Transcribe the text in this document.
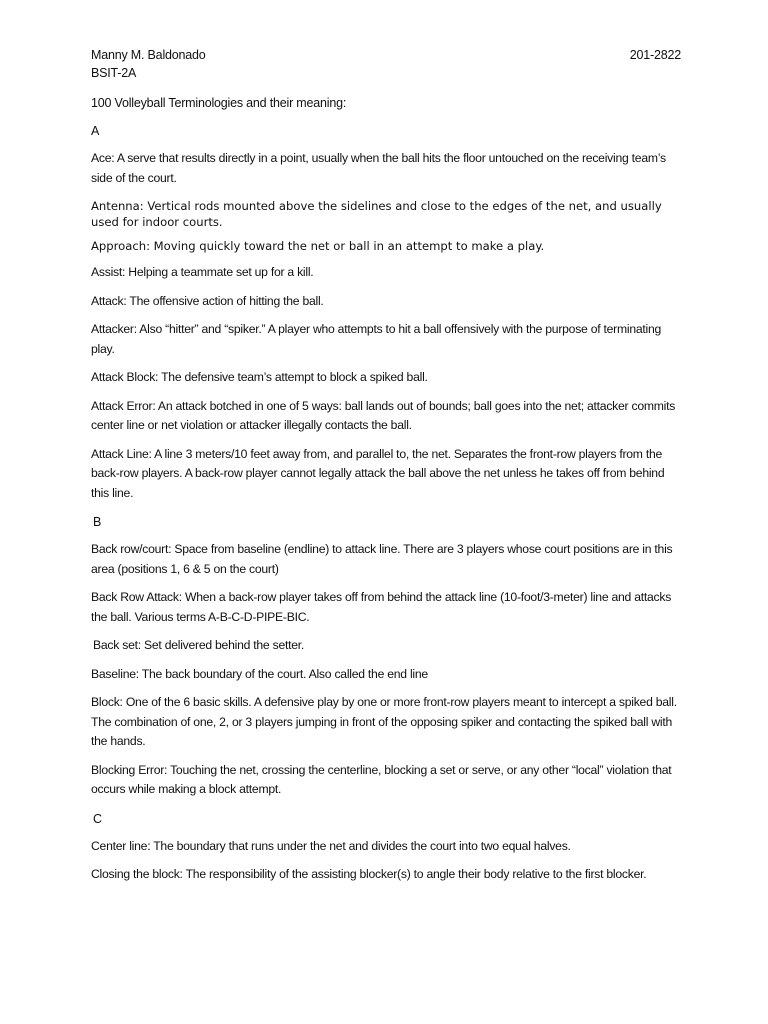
Manny M. Baldonado
BSIT-2A
201-2822
100 Volleyball Terminologies and their meaning:
A
Ace: A serve that results directly in a point, usually when the ball hits the floor untouched on the receiving team’s side of the court.
Antenna: Vertical rods mounted above the sidelines and close to the edges of the net, and usually used for indoor courts.
Approach: Moving quickly toward the net or ball in an attempt to make a play.
Assist: Helping a teammate set up for a kill.
Attack: The offensive action of hitting the ball.
Attacker: Also “hitter” and “spiker.” A player who attempts to hit a ball offensively with the purpose of terminating play.
Attack Block: The defensive team’s attempt to block a spiked ball.
Attack Error: An attack botched in one of 5 ways: ball lands out of bounds; ball goes into the net; attacker commits center line or net violation or attacker illegally contacts the ball.
Attack Line: A line 3 meters/10 feet away from, and parallel to, the net. Separates the front-row players from the back-row players. A back-row player cannot legally attack the ball above the net unless he takes off from behind this line.
B
Back row/court: Space from baseline (endline) to attack line. There are 3 players whose court positions are in this area (positions 1, 6 & 5 on the court)
Back Row Attack: When a back-row player takes off from behind the attack line (10-foot/3-meter) line and attacks the ball. Various terms A-B-C-D-PIPE-BIC.
Back set: Set delivered behind the setter.
Baseline: The back boundary of the court. Also called the end line
Block: One of the 6 basic skills. A defensive play by one or more front-row players meant to intercept a spiked ball. The combination of one, 2, or 3 players jumping in front of the opposing spiker and contacting the spiked ball with the hands.
Blocking Error: Touching the net, crossing the centerline, blocking a set or serve, or any other “local” violation that occurs while making a block attempt.
C
Center line: The boundary that runs under the net and divides the court into two equal halves.
Closing the block: The responsibility of the assisting blocker(s) to angle their body relative to the first blocker.
